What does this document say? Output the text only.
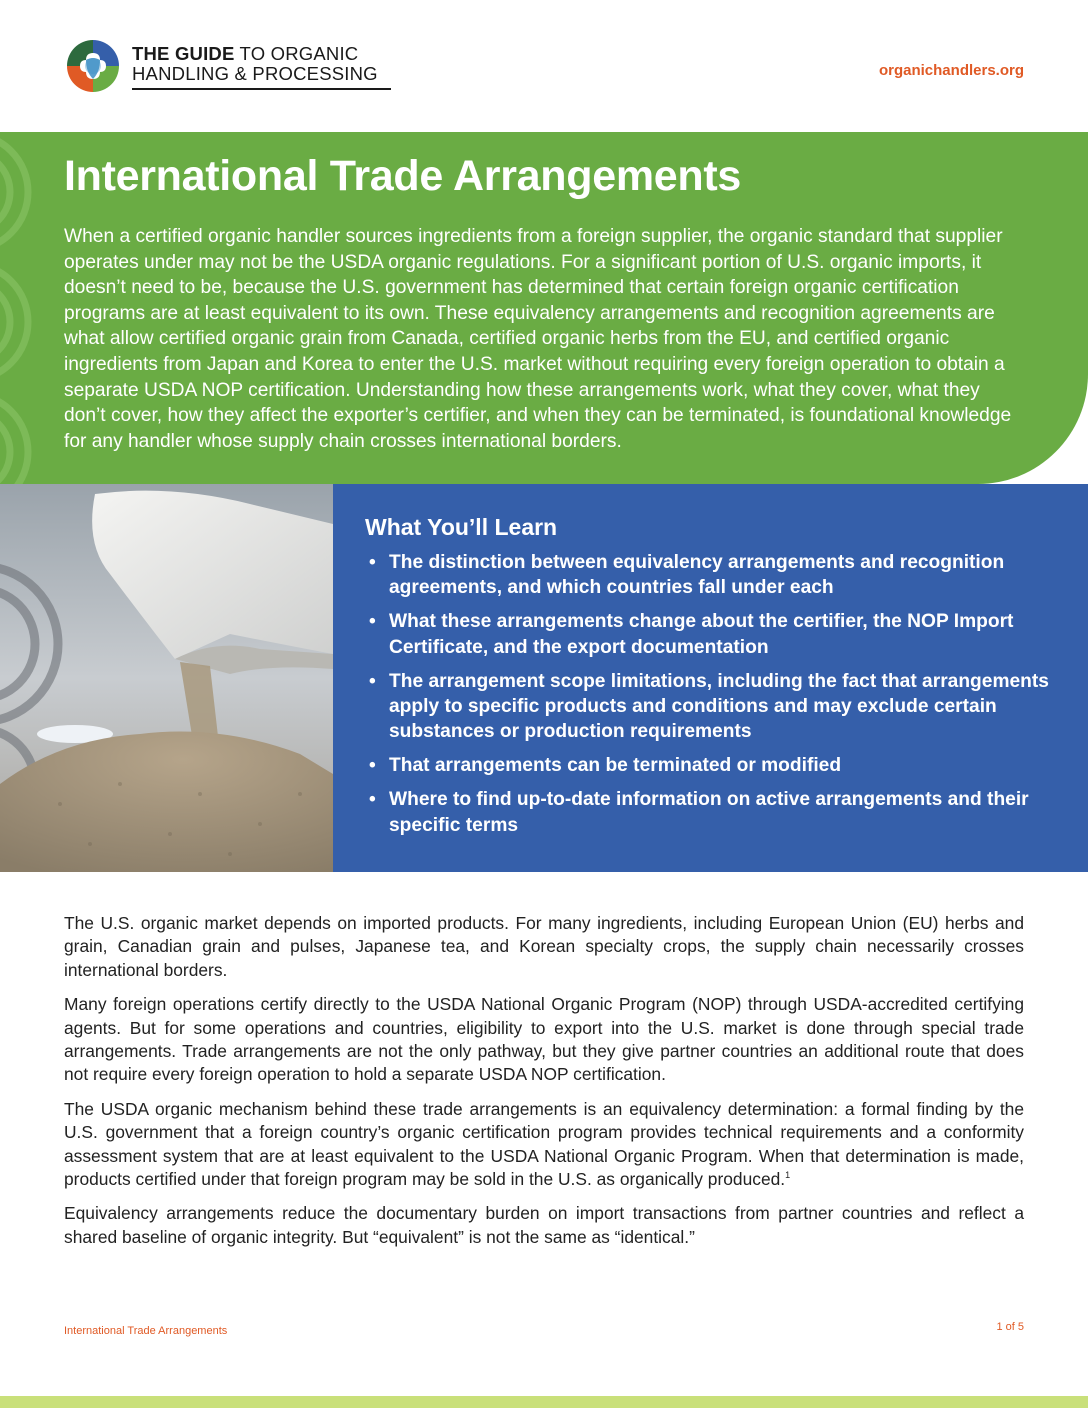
THE GUIDE TO ORGANIC
HANDLING & PROCESSING	organichandlers.org
International Trade Arrangements

When a certified organic handler sources ingredients from a foreign supplier, the organic standard that supplier operates under may not be the USDA organic regulations. For a significant portion of U.S. organic imports, it doesn’t need to be, because the U.S. government has determined that certain foreign organic certification programs are at least equivalent to its own. These equivalency arrangements and recognition agreements are what allow certified organic grain from Canada, certified organic herbs from the EU, and certified organic ingredients from Japan and Korea to enter the U.S. market without requiring every foreign operation to obtain a separate USDA NOP certification. Understanding how these arrangements work, what they cover, what they don’t cover, how they affect the exporter’s certifier, and when they can be terminated, is foundational knowledge for any handler whose supply chain crosses international borders.

What You’ll Learn
• The distinction between equivalency arrangements and recognition agreements, and which countries fall under each
• What these arrangements change about the certifier, the NOP Import Certificate, and the export documentation
• The arrangement scope limitations, including the fact that arrangements apply to specific products and conditions and may exclude certain substances or production requirements
• That arrangements can be terminated or modified
• Where to find up-to-date information on active arrangements and their specific terms

The U.S. organic market depends on imported products. For many ingredients, including European Union (EU) herbs and grain, Canadian grain and pulses, Japanese tea, and Korean specialty crops, the supply chain necessarily crosses international borders.

Many foreign operations certify directly to the USDA National Organic Program (NOP) through USDA-accredited certifying agents. But for some operations and countries, eligibility to export into the U.S. market is done through special trade arrangements. Trade arrangements are not the only pathway, but they give partner countries an additional route that does not require every foreign operation to hold a separate USDA NOP certification.

The USDA organic mechanism behind these trade arrangements is an equivalency determination: a formal finding by the U.S. government that a foreign country’s organic certification program provides technical requirements and a conformity assessment system that are at least equivalent to the USDA National Organic Program. When that determination is made, products certified under that foreign program may be sold in the U.S. as organically produced.$^1$

Equivalency arrangements reduce the documentary burden on import transactions from partner countries and reflect a shared baseline of organic integrity. But “equivalent” is not the same as “identical.”

International Trade Arrangements	1 of 5
